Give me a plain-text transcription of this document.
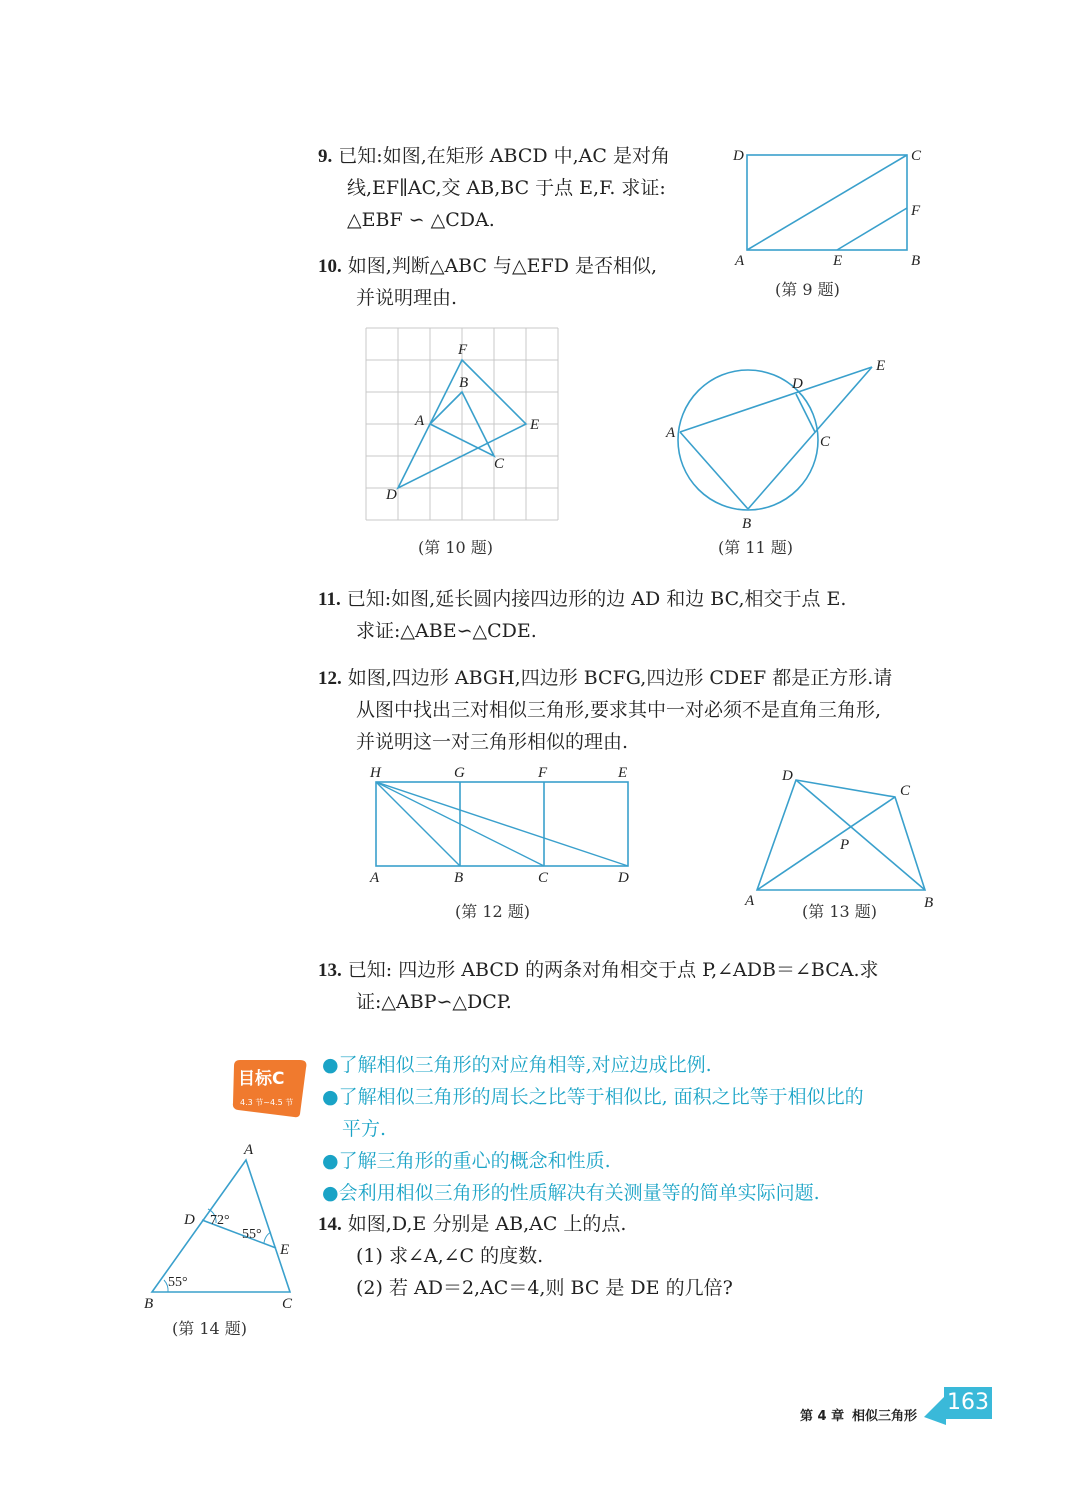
9. 已知:如图,在矩形 ABCD 中,AC 是对角
线,EF∥AC,交 AB,BC 于点 E,F. 求证:
△EBF ∽ △CDA.
D	C
F
A	E	B
(第 9 题)
10. 如图,判断△ABC 与△EFD 是否相似,
并说明理由.
F
B
A	E
C
D
(第 10 题)
E
D
A
C
B
(第 11 题)
11. 已知:如图,延长圆内接四边形的边 AD 和边 BC,相交于点 E.
求证:△ABE∽△CDE.
12. 如图,四边形 ABGH,四边形 BCFG,四边形 CDEF 都是正方形.请
从图中找出三对相似三角形,要求其中一对必须不是直角三角形,
并说明这一对三角形相似的理由.
H	G	F	E
A	B	C	D
(第 12 题)
D
C
P
A	B
(第 13 题)
13. 已知: 四边形 ABCD 的两条对角相交于点 P,∠ADB＝∠BCA.求
证:△ABP∽△DCP.
目标C
4.3 节~4.5 节
●了解相似三角形的对应角相等,对应边成比例.
●了解相似三角形的周长之比等于相似比, 面积之比等于相似比的
平方.
●了解三角形的重心的概念和性质.
●会利用相似三角形的性质解决有关测量等的简单实际问题.
14. 如图,D,E 分别是 AB,AC 上的点.
(1) 求∠A,∠C 的度数.
(2) 若 AD＝2,AC＝4,则 BC 是 DE 的几倍?
A
D
E
B	C
72°
55°
55°
(第 14 题)
第 4 章 相似三角形
163
